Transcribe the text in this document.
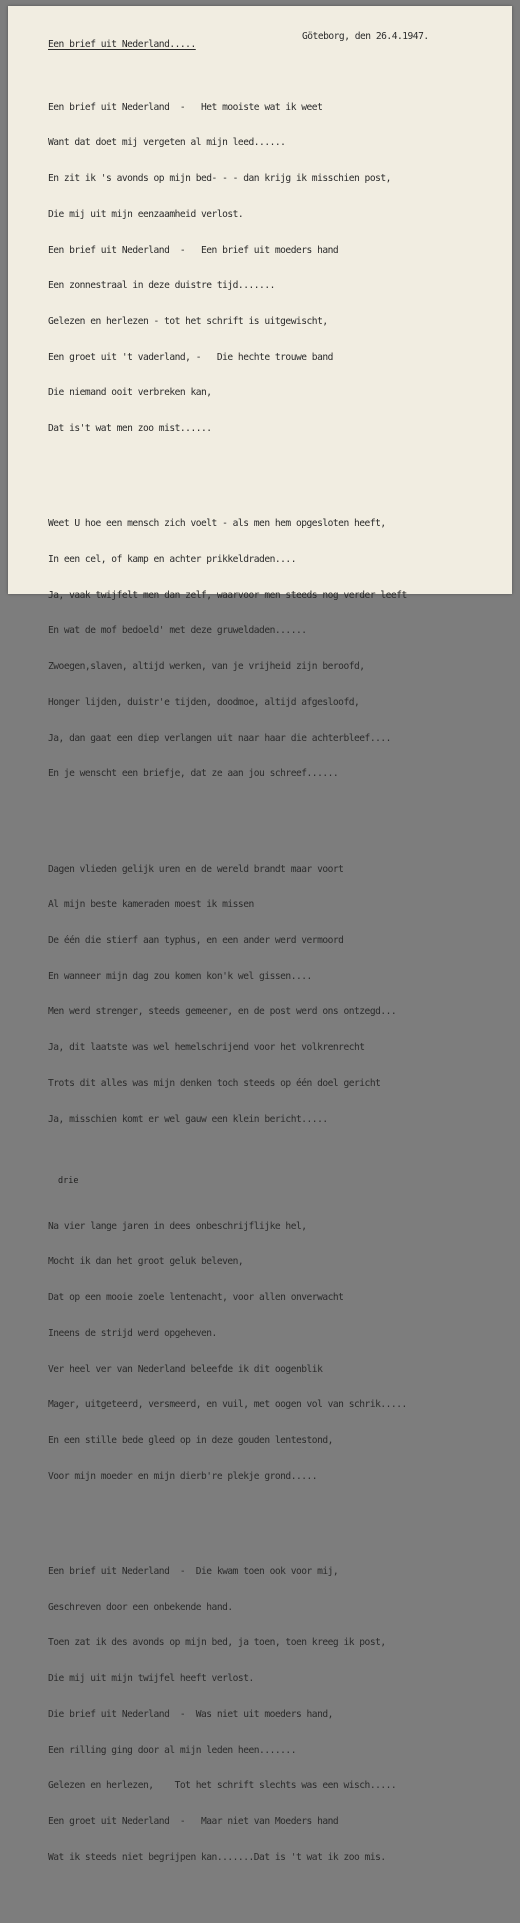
Göteborg, den 26.4.1947.
Een brief uit Nederland.....

Een brief uit Nederland  -   Het mooiste wat ik weet

Want dat doet mij vergeten al mijn leed......

En zit ik 's avonds op mijn bed- - - dan krijg ik misschien post,

Die mij uit mijn eenzaamheid verlost.

Een brief uit Nederland  -   Een brief uit moeders hand

Een zonnestraal in deze duistre tijd.......

Gelezen en herlezen - tot het schrift is uitgewischt,

Een groet uit 't vaderland, -   Die hechte trouwe band

Die niemand ooit verbreken kan,

Dat is't wat men zoo mist......

Weet U hoe een mensch zich voelt - als men hem opgesloten heeft,

In een cel, of kamp en achter prikkeldraden....

Ja, vaak twijfelt men dan zelf, waarvoor men steeds nog verder leeft

En wat de mof bedoeld' met deze gruweldaden......

Zwoegen,slaven, altijd werken, van je vrijheid zijn beroofd,

Honger lijden, duistr'e tijden, doodmoe, altijd afgesloofd,

Ja, dan gaat een diep verlangen uit naar haar die achterbleef....

En je wenscht een briefje, dat ze aan jou schreef......

Dagen vlieden gelijk uren en de wereld brandt maar voort

Al mijn beste kameraden moest ik missen

De één die stierf aan typhus, en een ander werd vermoord

En wanneer mijn dag zou komen kon'k wel gissen....

Men werd strenger, steeds gemeener, en de post werd ons ontzegd...

Ja, dit laatste was wel hemelschrijend voor het volkrenrecht

Trots dit alles was mijn denken toch steeds op één doel gericht

Ja, misschien komt er wel gauw een klein bericht.....

drie

Na vier lange jaren in dees onbeschrijflijke hel,

Mocht ik dan het groot geluk beleven,

Dat op een mooie zoele lentenacht, voor allen onverwacht

Ineens de strijd werd opgeheven.

Ver heel ver van Nederland beleefde ik dit oogenblik

Mager, uitgeteerd, versmeerd, en vuil, met oogen vol van schrik.....

En een stille bede gleed op in deze gouden lentestond,

Voor mijn moeder en mijn dierb're plekje grond.....

Een brief uit Nederland  -  Die kwam toen ook voor mij,

Geschreven door een onbekende hand.

Toen zat ik des avonds op mijn bed, ja toen, toen kreeg ik post,

Die mij uit mijn twijfel heeft verlost.

Die brief uit Nederland  -  Was niet uit moeders hand,

Een rilling ging door al mijn leden heen.......

Gelezen en herlezen,    Tot het schrift slechts was een wisch.....

Een groet uit Nederland  -   Maar niet van Moeders hand

Wat ik steeds niet begrijpen kan.......Dat is 't wat ik zoo mis.
